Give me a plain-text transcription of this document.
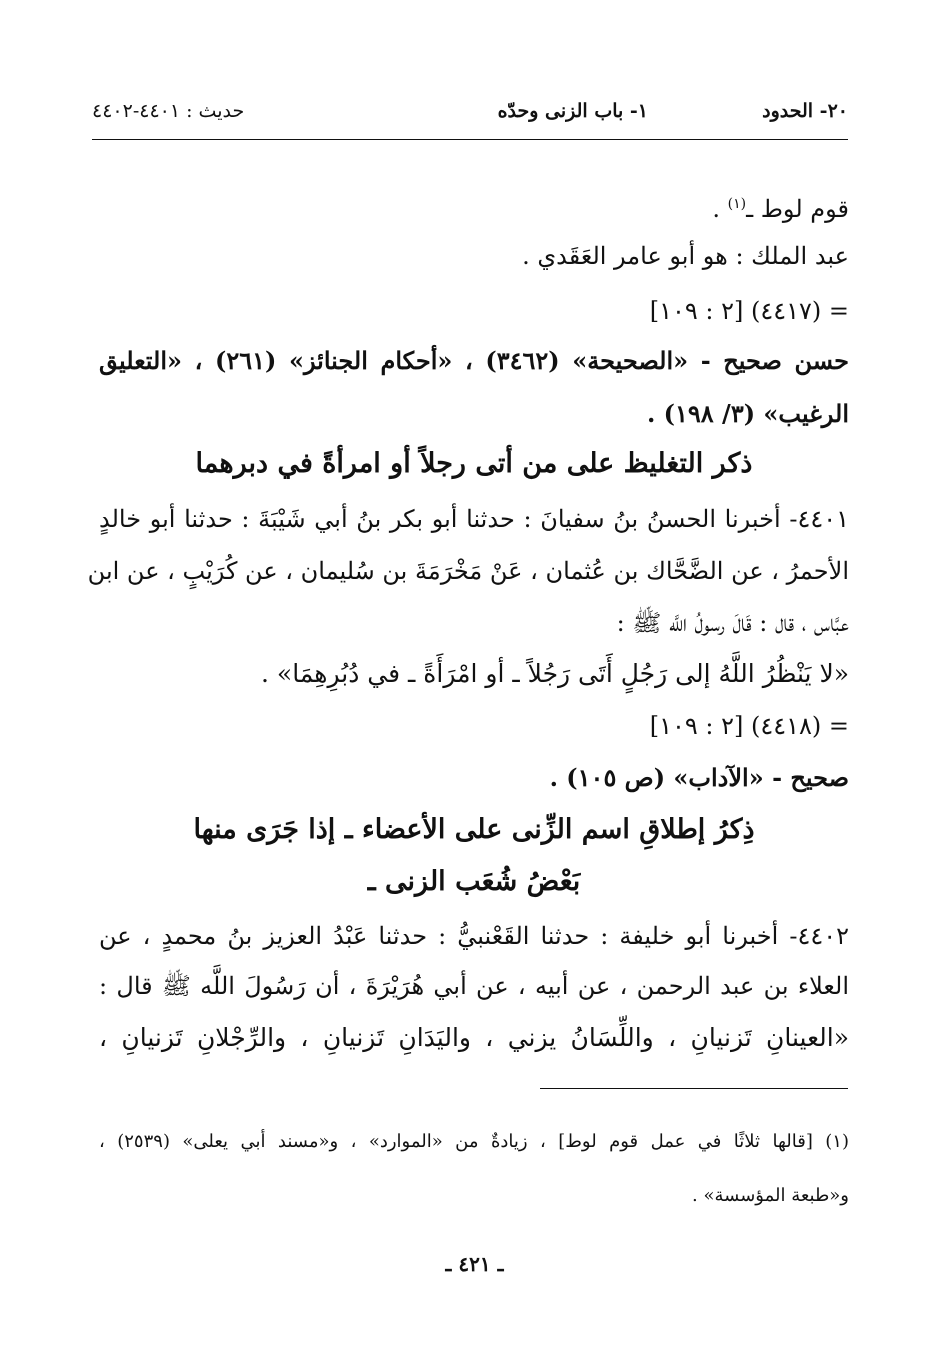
٢٠- الحدود
١- باب الزنى وحدّه
حديث : ٤٤٠١-٤٤٠٢
قوم لوط ـ$^{(١)}$ .
عبد الملك : هو أبو عامر العَقَدي .
= (٤٤١٧) [٢ : ١٠٩]
حسن صحيح - «الصحيحة» (٣٤٦٢) ، «أحكام الجنائز» (٢٦١) ، «التعليق
الرغيب» (٣/ ١٩٨) .
ذكر التغليظ على من أتى رجلاً أو امرأةً في دبرهما
٤٤٠١- أخبرنا الحسنُ بنُ سفيانَ : حدثنا أبو بكر بنُ أبي شَيْبَةَ : حدثنا أبو خالدٍ
الأحمرُ ، عن الضَّحَّاك بن عُثمان ، عَنْ مَخْرَمَةَ بن سُليمان ، عن كُرَيْبٍ ، عن ابن
عبَّاس ، قال : قَالَ رسولُ اللَّه ﷺ :
«لا يَنْظُرُ اللَّهُ إلى رَجُلٍ أَتَى رَجُلاً ـ أو امْرَأَةً ـ في دُبُرِهِمَا» .
= (٤٤١٨) [٢ : ١٠٩]
صحيح - «الآداب» (ص ١٠٥) .
ذِكرُ إطلاقِ اسم الزِّنى على الأعضاء ـ إذا جَرَى منها
بَعْضُ شُعَب الزنى ـ
٤٤٠٢- أخبرنا أبو خليفة : حدثنا القَعْنبيُّ : حدثنا عَبْدُ العزيز بنُ محمدٍ ، عن
العلاء بن عبد الرحمن ، عن أبيه ، عن أبي هُرَيْرَةَ ، أن رَسُولَ اللَّه ﷺ قال :
«العينانِ تَزنيانِ ، واللِّسَانُ يزني ، واليَدَانِ تَزنيانِ ، والرِّجْلانِ تَزنيانِ ،
(١) [قالها ثلاثًا في عمل قوم لوط] ، زيادةٌ من «الموارد» ، و«مسند أبي يعلى» (٢٥٣٩) ،
و«طبعة المؤسسة» .
ـ ٤٢١ ـ
